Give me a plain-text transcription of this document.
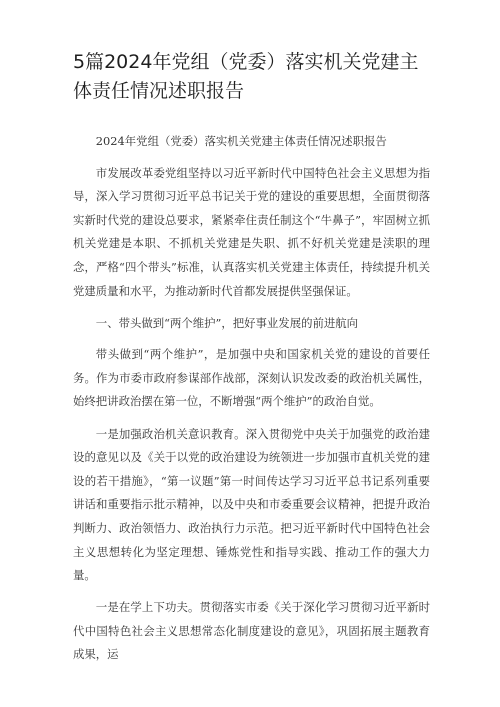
5篇2024年党组（党委）落实机关党建主体责任情况述职报告

2024年党组（党委）落实机关党建主体责任情况述职报告

市发展改革委党组坚持以习近平新时代中国特色社会主义思想为指导，深入学习贯彻习近平总书记关于党的建设的重要思想，全面贯彻落实新时代党的建设总要求，紧紧牵住责任制这个“牛鼻子”，牢固树立抓机关党建是本职、不抓机关党建是失职、抓不好机关党建是渎职的理念，严格“四个带头”标准，认真落实机关党建主体责任，持续提升机关党建质量和水平，为推动新时代首都发展提供坚强保证。

一、带头做到“两个维护”，把好事业发展的前进航向

带头做到“两个维护”，是加强中央和国家机关党的建设的首要任务。作为市委市政府参谋部作战部，深刻认识发改委的政治机关属性，始终把讲政治摆在第一位，不断增强“两个维护”的政治自觉。

一是加强政治机关意识教育。深入贯彻党中央关于加强党的政治建设的意见以及《关于以党的政治建设为统领进一步加强市直机关党的建设的若干措施》，“第一议题”第一时间传达学习习近平总书记系列重要讲话和重要指示批示精神，以及中央和市委重要会议精神，把提升政治判断力、政治领悟力、政治执行力示范。把习近平新时代中国特色社会主义思想转化为坚定理想、锤炼党性和指导实践、推动工作的强大力量。

一是在学上下功夫。贯彻落实市委《关于深化学习贯彻习近平新时代中国特色社会主义思想常态化制度建设的意见》，巩固拓展主题教育成果，运
